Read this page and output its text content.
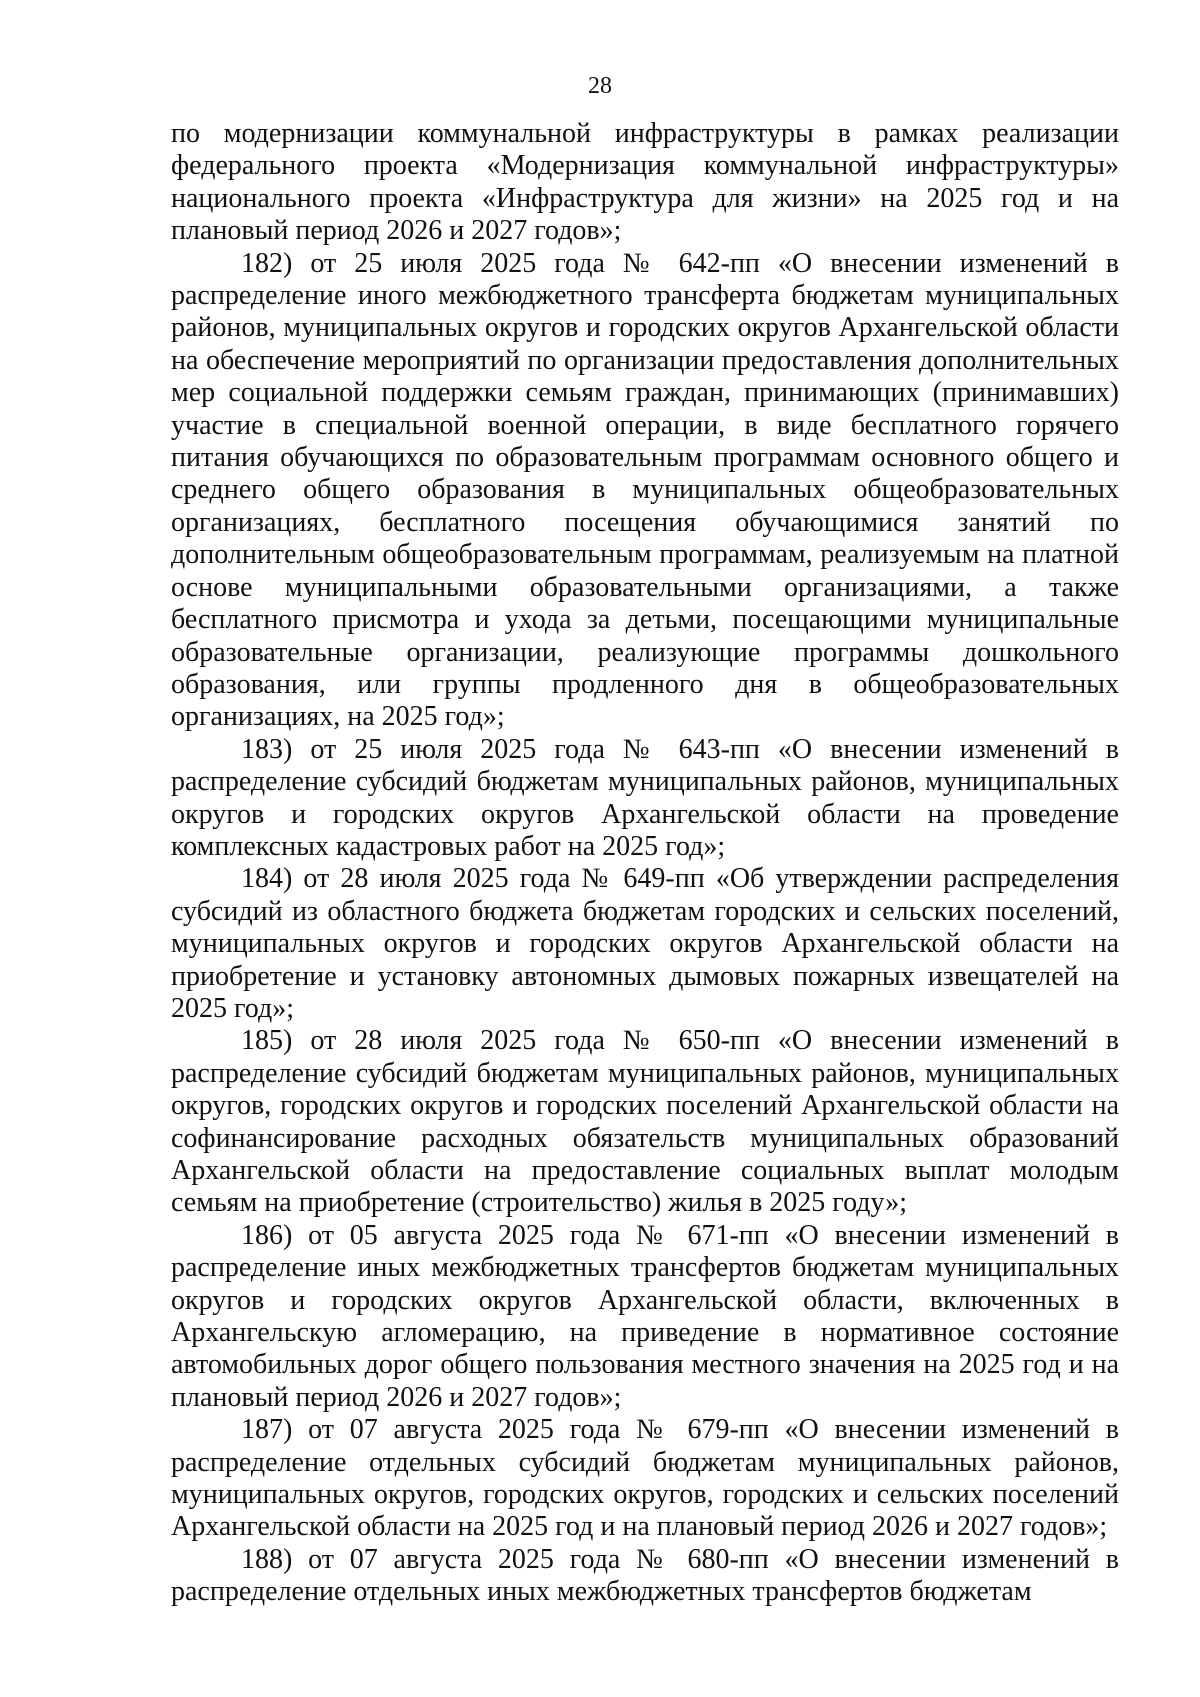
28

по модернизации коммунальной инфраструктуры в рамках реализации федерального проекта «Модернизация коммунальной инфраструктуры» национального проекта «Инфраструктура для жизни» на 2025 год и на плановый период 2026 и 2027 годов»;

182) от 25 июля 2025 года № 642-пп «О внесении изменений в распределение иного межбюджетного трансферта бюджетам муниципальных районов, муниципальных округов и городских округов Архангельской области на обеспечение мероприятий по организации предоставления дополнительных мер социальной поддержки семьям граждан, принимающих (принимавших) участие в специальной военной операции, в виде бесплатного горячего питания обучающихся по образовательным программам основного общего и среднего общего образования в муниципальных общеобразовательных организациях, бесплатного посещения обучающимися занятий по дополнительным общеобразовательным программам, реализуемым на платной основе муниципальными образовательными организациями, а также бесплатного присмотра и ухода за детьми, посещающими муниципальные образовательные организации, реализующие программы дошкольного образования, или группы продленного дня в общеобразовательных организациях, на 2025 год»;

183) от 25 июля 2025 года № 643-пп «О внесении изменений в распределение субсидий бюджетам муниципальных районов, муниципальных округов и городских округов Архангельской области на проведение комплексных кадастровых работ на 2025 год»;

184) от 28 июля 2025 года № 649-пп «Об утверждении распределения субсидий из областного бюджета бюджетам городских и сельских поселений, муниципальных округов и городских округов Архангельской области на приобретение и установку автономных дымовых пожарных извещателей на 2025 год»;

185) от 28 июля 2025 года № 650-пп «О внесении изменений в распределение субсидий бюджетам муниципальных районов, муниципальных округов, городских округов и городских поселений Архангельской области на софинансирование расходных обязательств муниципальных образований Архангельской области на предоставление социальных выплат молодым семьям на приобретение (строительство) жилья в 2025 году»;

186) от 05 августа 2025 года № 671-пп «О внесении изменений в распределение иных межбюджетных трансфертов бюджетам муниципальных округов и городских округов Архангельской области, включенных в Архангельскую агломерацию, на приведение в нормативное состояние автомобильных дорог общего пользования местного значения на 2025 год и на плановый период 2026 и 2027 годов»;

187) от 07 августа 2025 года № 679-пп «О внесении изменений в распределение отдельных субсидий бюджетам муниципальных районов, муниципальных округов, городских округов, городских и сельских поселений Архангельской области на 2025 год и на плановый период 2026 и 2027 годов»;

188) от 07 августа 2025 года № 680-пп «О внесении изменений в распределение отдельных иных межбюджетных трансфертов бюджетам
